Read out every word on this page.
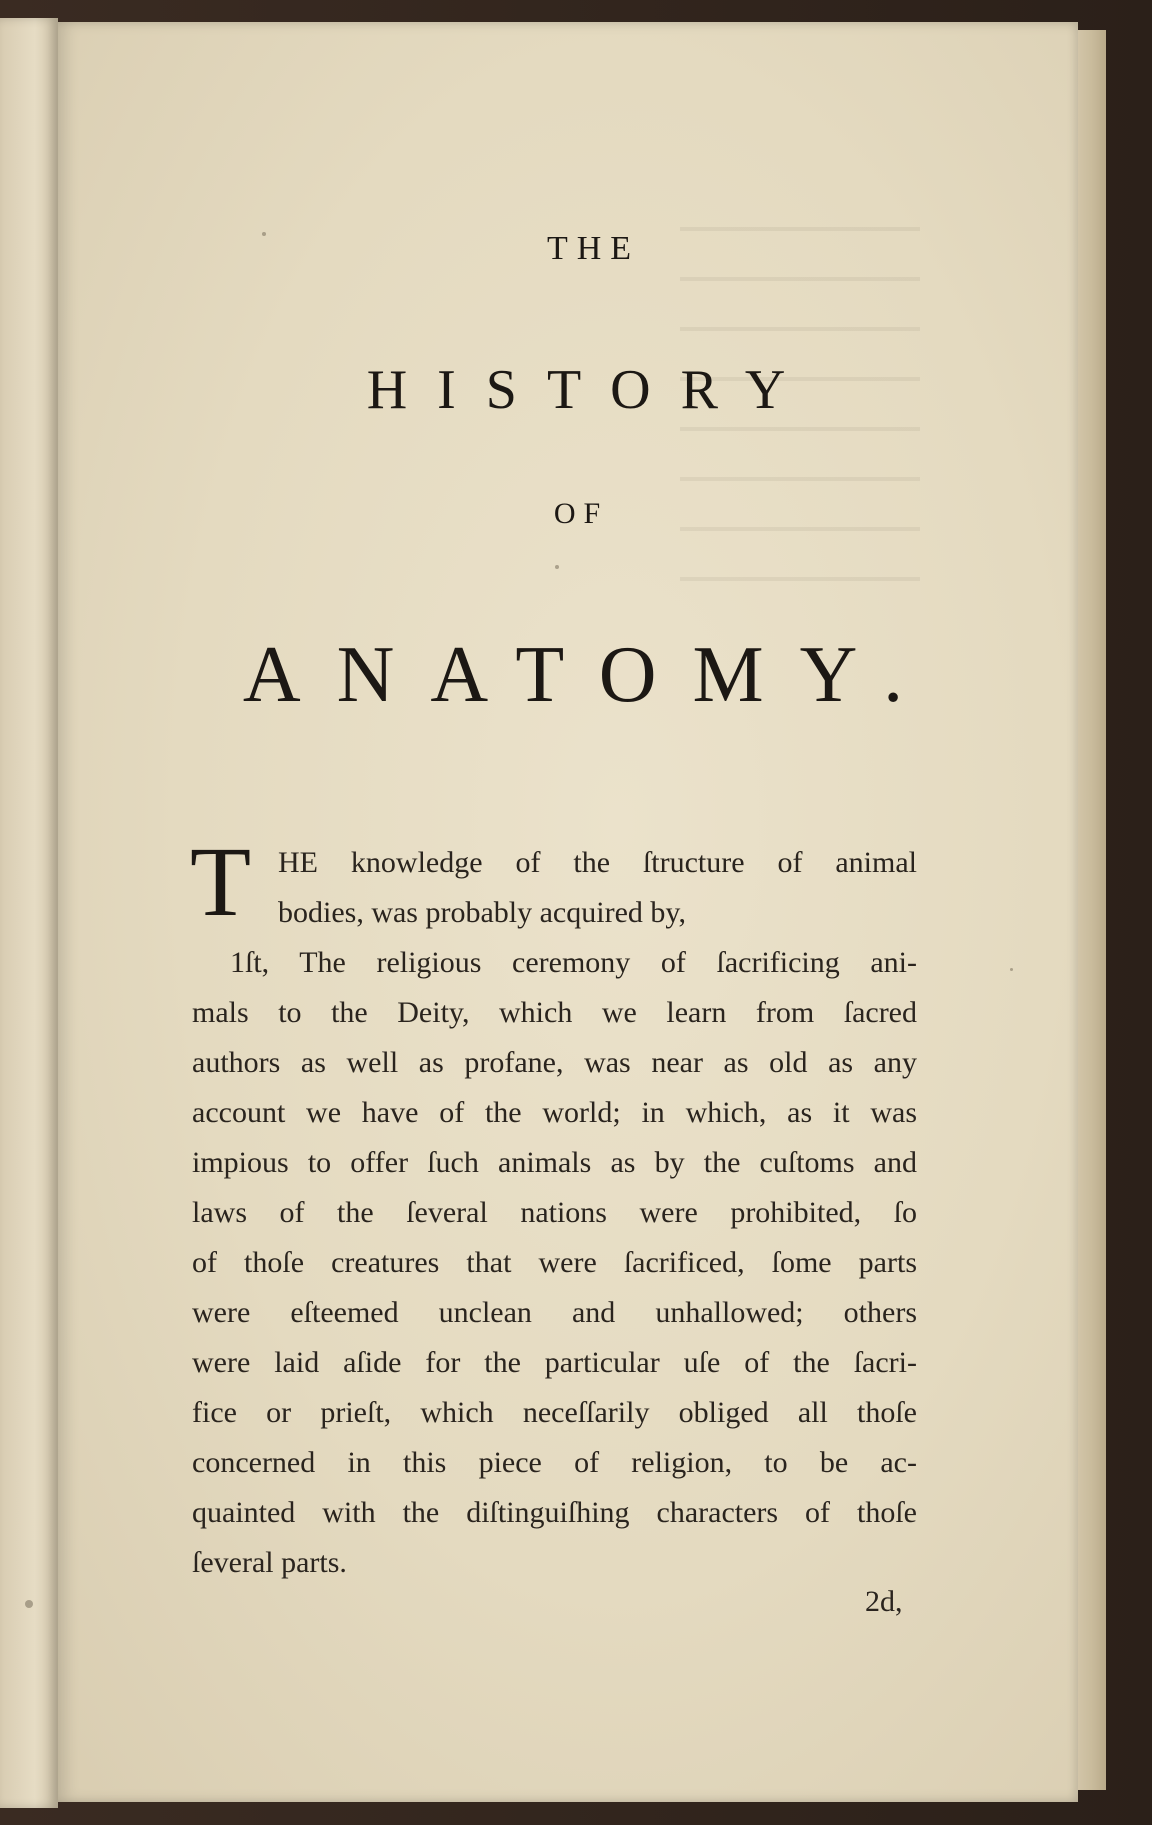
THE
HISTORY
OF
ANATOMY.
T HE knowledge of the ſtructure of animal
bodies, was probably acquired by,
1ſt, The religious ceremony of ſacrificing ani-
mals to the Deity, which we learn from ſacred
authors as well as profane, was near as old as any
account we have of the world; in which, as it was
impious to offer ſuch animals as by the cuſtoms and
laws of the ſeveral nations were prohibited, ſo
of thoſe creatures that were ſacrificed, ſome parts
were eſteemed unclean and unhallowed; others
were laid aſide for the particular uſe of the ſacri-
fice or prieſt, which neceſſarily obliged all thoſe
concerned in this piece of religion, to be ac-
quainted with the diſtinguiſhing characters of thoſe
ſeveral parts.
2d,
